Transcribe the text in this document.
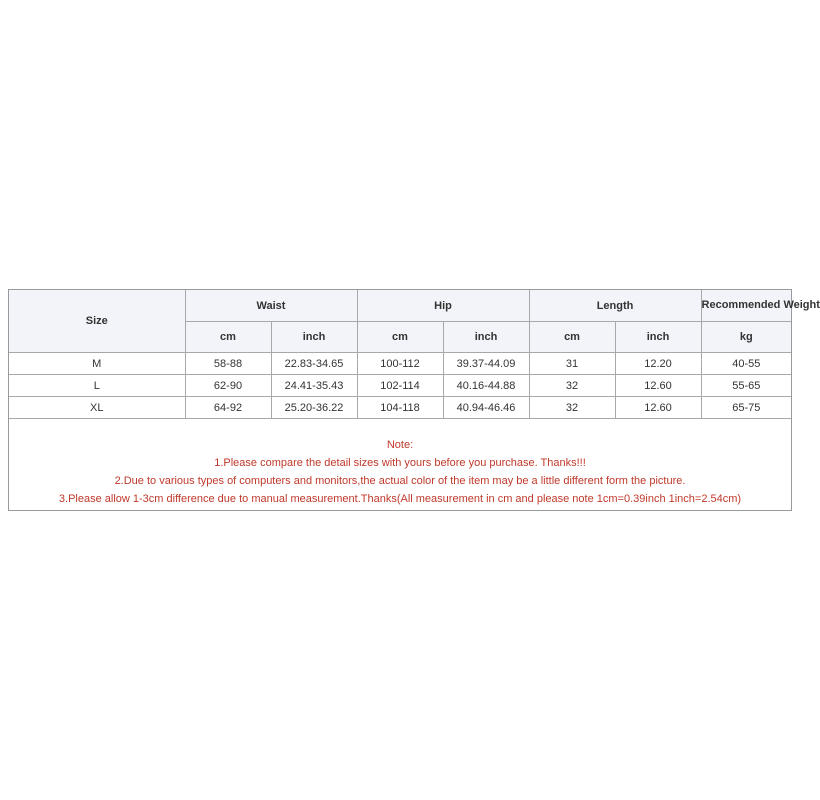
Size	Waist		Hip		Length		Recommended Weight
	cm	inch	cm	inch	cm	inch	kg
M	58-88	22.83-34.65	100-112	39.37-44.09	31	12.20	40-55
L	62-90	24.41-35.43	102-114	40.16-44.88	32	12.60	55-65
XL	64-92	25.20-36.22	104-118	40.94-46.46	32	12.60	65-75
Note:
1.Please compare the detail sizes with yours before you purchase. Thanks!!!
2.Due to various types of computers and monitors,the actual color of the item may be a little different form the picture.
3.Please allow 1-3cm difference due to manual measurement.Thanks(All measurement in cm and please note 1cm=0.39inch 1inch=2.54cm)
